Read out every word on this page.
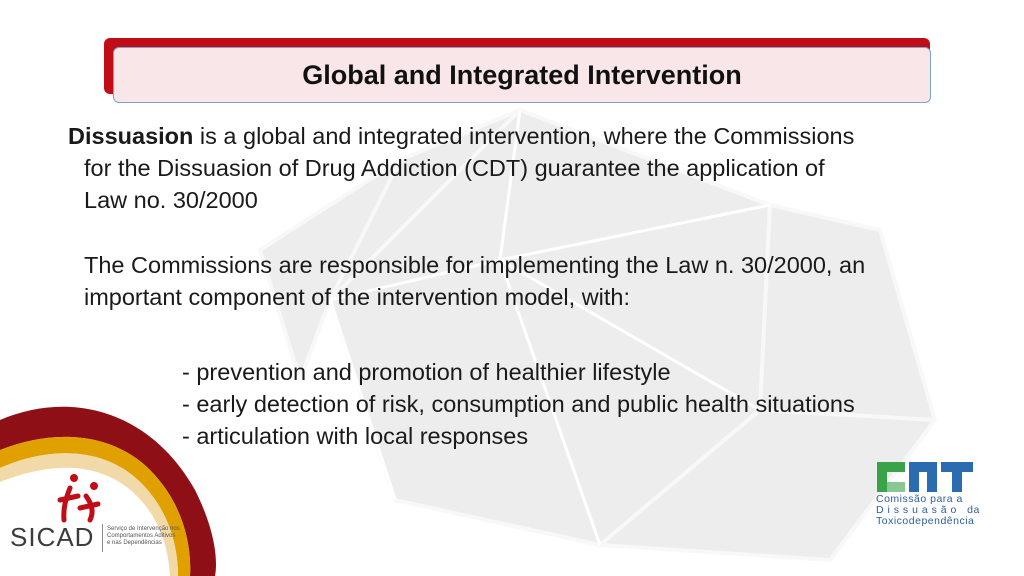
Global and Integrated Intervention
Dissuasion is a global and integrated intervention, where the Commissions
for the Dissuasion of Drug Addiction (CDT) guarantee the application of
Law no. 30/2000
The Commissions are responsible for implementing the Law n. 30/2000, an
important component of the intervention model, with:
- prevention and promotion of healthier lifestyle
- early detection of risk, consumption and public health situations
- articulation with local responses
SICAD Serviço de Intervenção nos
Comportamentos Aditivos
e nas Dependências
Comissão para a
D i s s u a s ã o   da
Toxicodependência
